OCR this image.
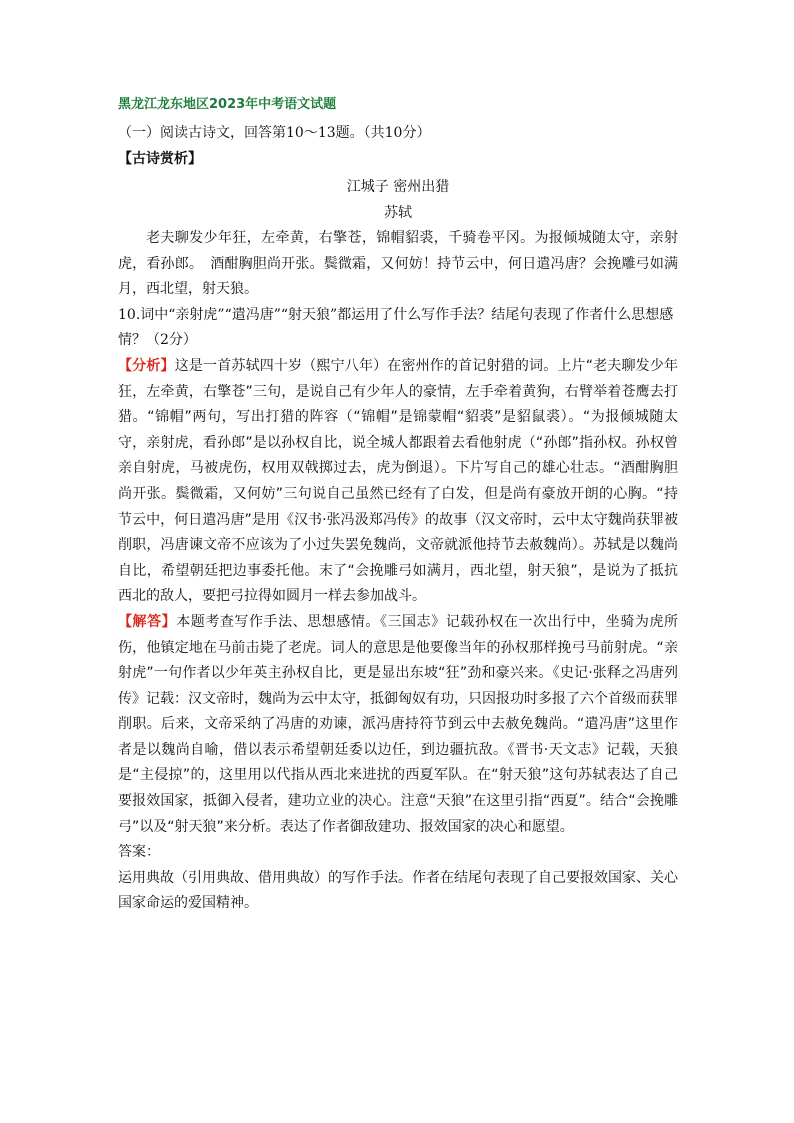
黑龙江龙东地区2023年中考语文试题

（一）阅读古诗文，回答第10～13题。（共10分）

【古诗赏析】

江城子 密州出猎

苏轼

老夫聊发少年狂，左牵黄，右擎苍，锦帽貂裘，千骑卷平冈。为报倾城随太守，亲射虎，看孙郎。　酒酣胸胆尚开张。鬓微霜，又何妨！持节云中，何日遣冯唐？会挽雕弓如满月，西北望，射天狼。

10.词中“亲射虎”“遣冯唐”“射天狼”都运用了什么写作手法？结尾句表现了作者什么思想感情？（2分）

【分析】这是一首苏轼四十岁（熙宁八年）在密州作的首记射猎的词。上片“老夫聊发少年狂，左牵黄，右擎苍”三句，是说自己有少年人的豪情，左手牵着黄狗，右臂举着苍鹰去打猎。“锦帽”两句，写出打猎的阵容（“锦帽”是锦蒙帽“貂裘”是貂鼠裘）。“为报倾城随太守，亲射虎，看孙郎”是以孙权自比，说全城人都跟着去看他射虎（“孙郎”指孙权。孙权曾亲自射虎，马被虎伤，权用双戟掷过去，虎为倒退）。下片写自己的雄心壮志。“酒酣胸胆尚开张。鬓微霜，又何妨”三句说自己虽然已经有了白发，但是尚有豪放开朗的心胸。“持节云中，何日遣冯唐”是用《汉书·张冯汲郑冯传》的故事（汉文帝时，云中太守魏尚获罪被削职，冯唐谏文帝不应该为了小过失罢免魏尚，文帝就派他持节去赦魏尚）。苏轼是以魏尚自比，希望朝廷把边事委托他。末了“会挽雕弓如满月，西北望，射天狼”，是说为了抵抗西北的敌人，要把弓拉得如圆月一样去参加战斗。

【解答】本题考查写作手法、思想感情。《三国志》记载孙权在一次出行中，坐骑为虎所伤，他镇定地在马前击毙了老虎。词人的意思是他要像当年的孙权那样挽弓马前射虎。“亲射虎”一句作者以少年英主孙权自比，更是显出东坡“狂”劲和豪兴来。《史记·张释之冯唐列传》记载：汉文帝时，魏尚为云中太守，抵御匈奴有功，只因报功时多报了六个首级而获罪削职。后来，文帝采纳了冯唐的劝谏，派冯唐持符节到云中去赦免魏尚。“遣冯唐”这里作者是以魏尚自喻，借以表示希望朝廷委以边任，到边疆抗敌。《晋书·天文志》记载，天狼是“主侵掠”的，这里用以代指从西北来进扰的西夏军队。在“射天狼”这句苏轼表达了自己要报效国家，抵御入侵者，建功立业的决心。注意“天狼”在这里引指“西夏”。结合“会挽雕弓”以及“射天狼”来分析。表达了作者御敌建功、报效国家的决心和愿望。

答案：

运用典故（引用典故、借用典故）的写作手法。作者在结尾句表现了自己要报效国家、关心国家命运的爱国精神。
